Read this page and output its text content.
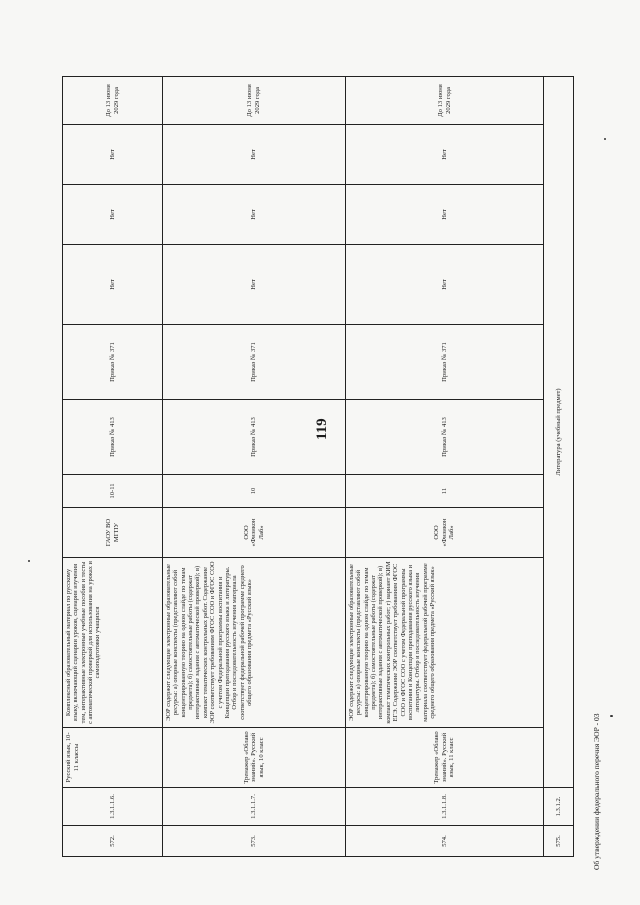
119
572.	1.3.1.1.6.	Русский язык, 10-11 классы	Комплексный образовательный материал по русскому языку, включающий сценарии уроков, сценарии изучения тем, интерактивные электронные учебные пособия и тесты с автоматической проверкой для использования на уроках и самоподготовки учащихся	ГАОУ ВО МГПУ	10-11	Приказ № 413	Приказ № 371	Нет	Нет	Нет	До 13 июня 2029 года
573.	1.3.1.1.7.	Тренажер «Облако знаний». Русский язык, 10 класс	ЭОР содержит следующие электронные образовательные ресурсы: а) опорные конспекты (представляют собой концентрированную теорию на одном слайде по темам предмета); б) самостоятельные работы (содержат интерактивные задания с автоматической проверкой); в) компакт тематических контрольных работ. Содержание ЭОР соответствует требованиям ФГОС СОО и ФГОС СОО с учетом Федеральной программы воспитания и Концепции преподавания русского языка и литературы. Отбор и последовательность изучения материала соответствует федеральной рабочей программе среднего общего образования предмета «Русский язык»	ООО «Физикон Лаб»	10	Приказ № 413	Приказ № 371	Нет	Нет	Нет	До 13 июня 2029 года
574.	1.3.1.1.8.	Тренажер «Облако знаний». Русский язык, 11 класс	ЭОР содержит следующие электронные образовательные ресурсы: а) опорные конспекты (представляют собой концентрированную теорию на одном слайде по темам предмета); б) самостоятельные работы (содержат интерактивные задания с автоматической проверкой); в) компакт тематических контрольных работ; г) вариант КИМ ЕГЭ. Содержание ЭОР соответствует требованиям ФГОС СОО и ФГОС СОО с учетом Федеральной программы воспитания и Концепции преподавания русского языка и литературы. Отбор и последовательность изучения материала соответствует федеральной рабочей программе среднего общего образования предмета «Русский язык»	ООО «Физикон Лаб»	11	Приказ № 413	Приказ № 371	Нет	Нет	Нет	До 13 июня 2029 года
575.	1.3.1.2.	Литература (учебный предмет)									
Об утверждении федерального перечня ЭОР - 03
